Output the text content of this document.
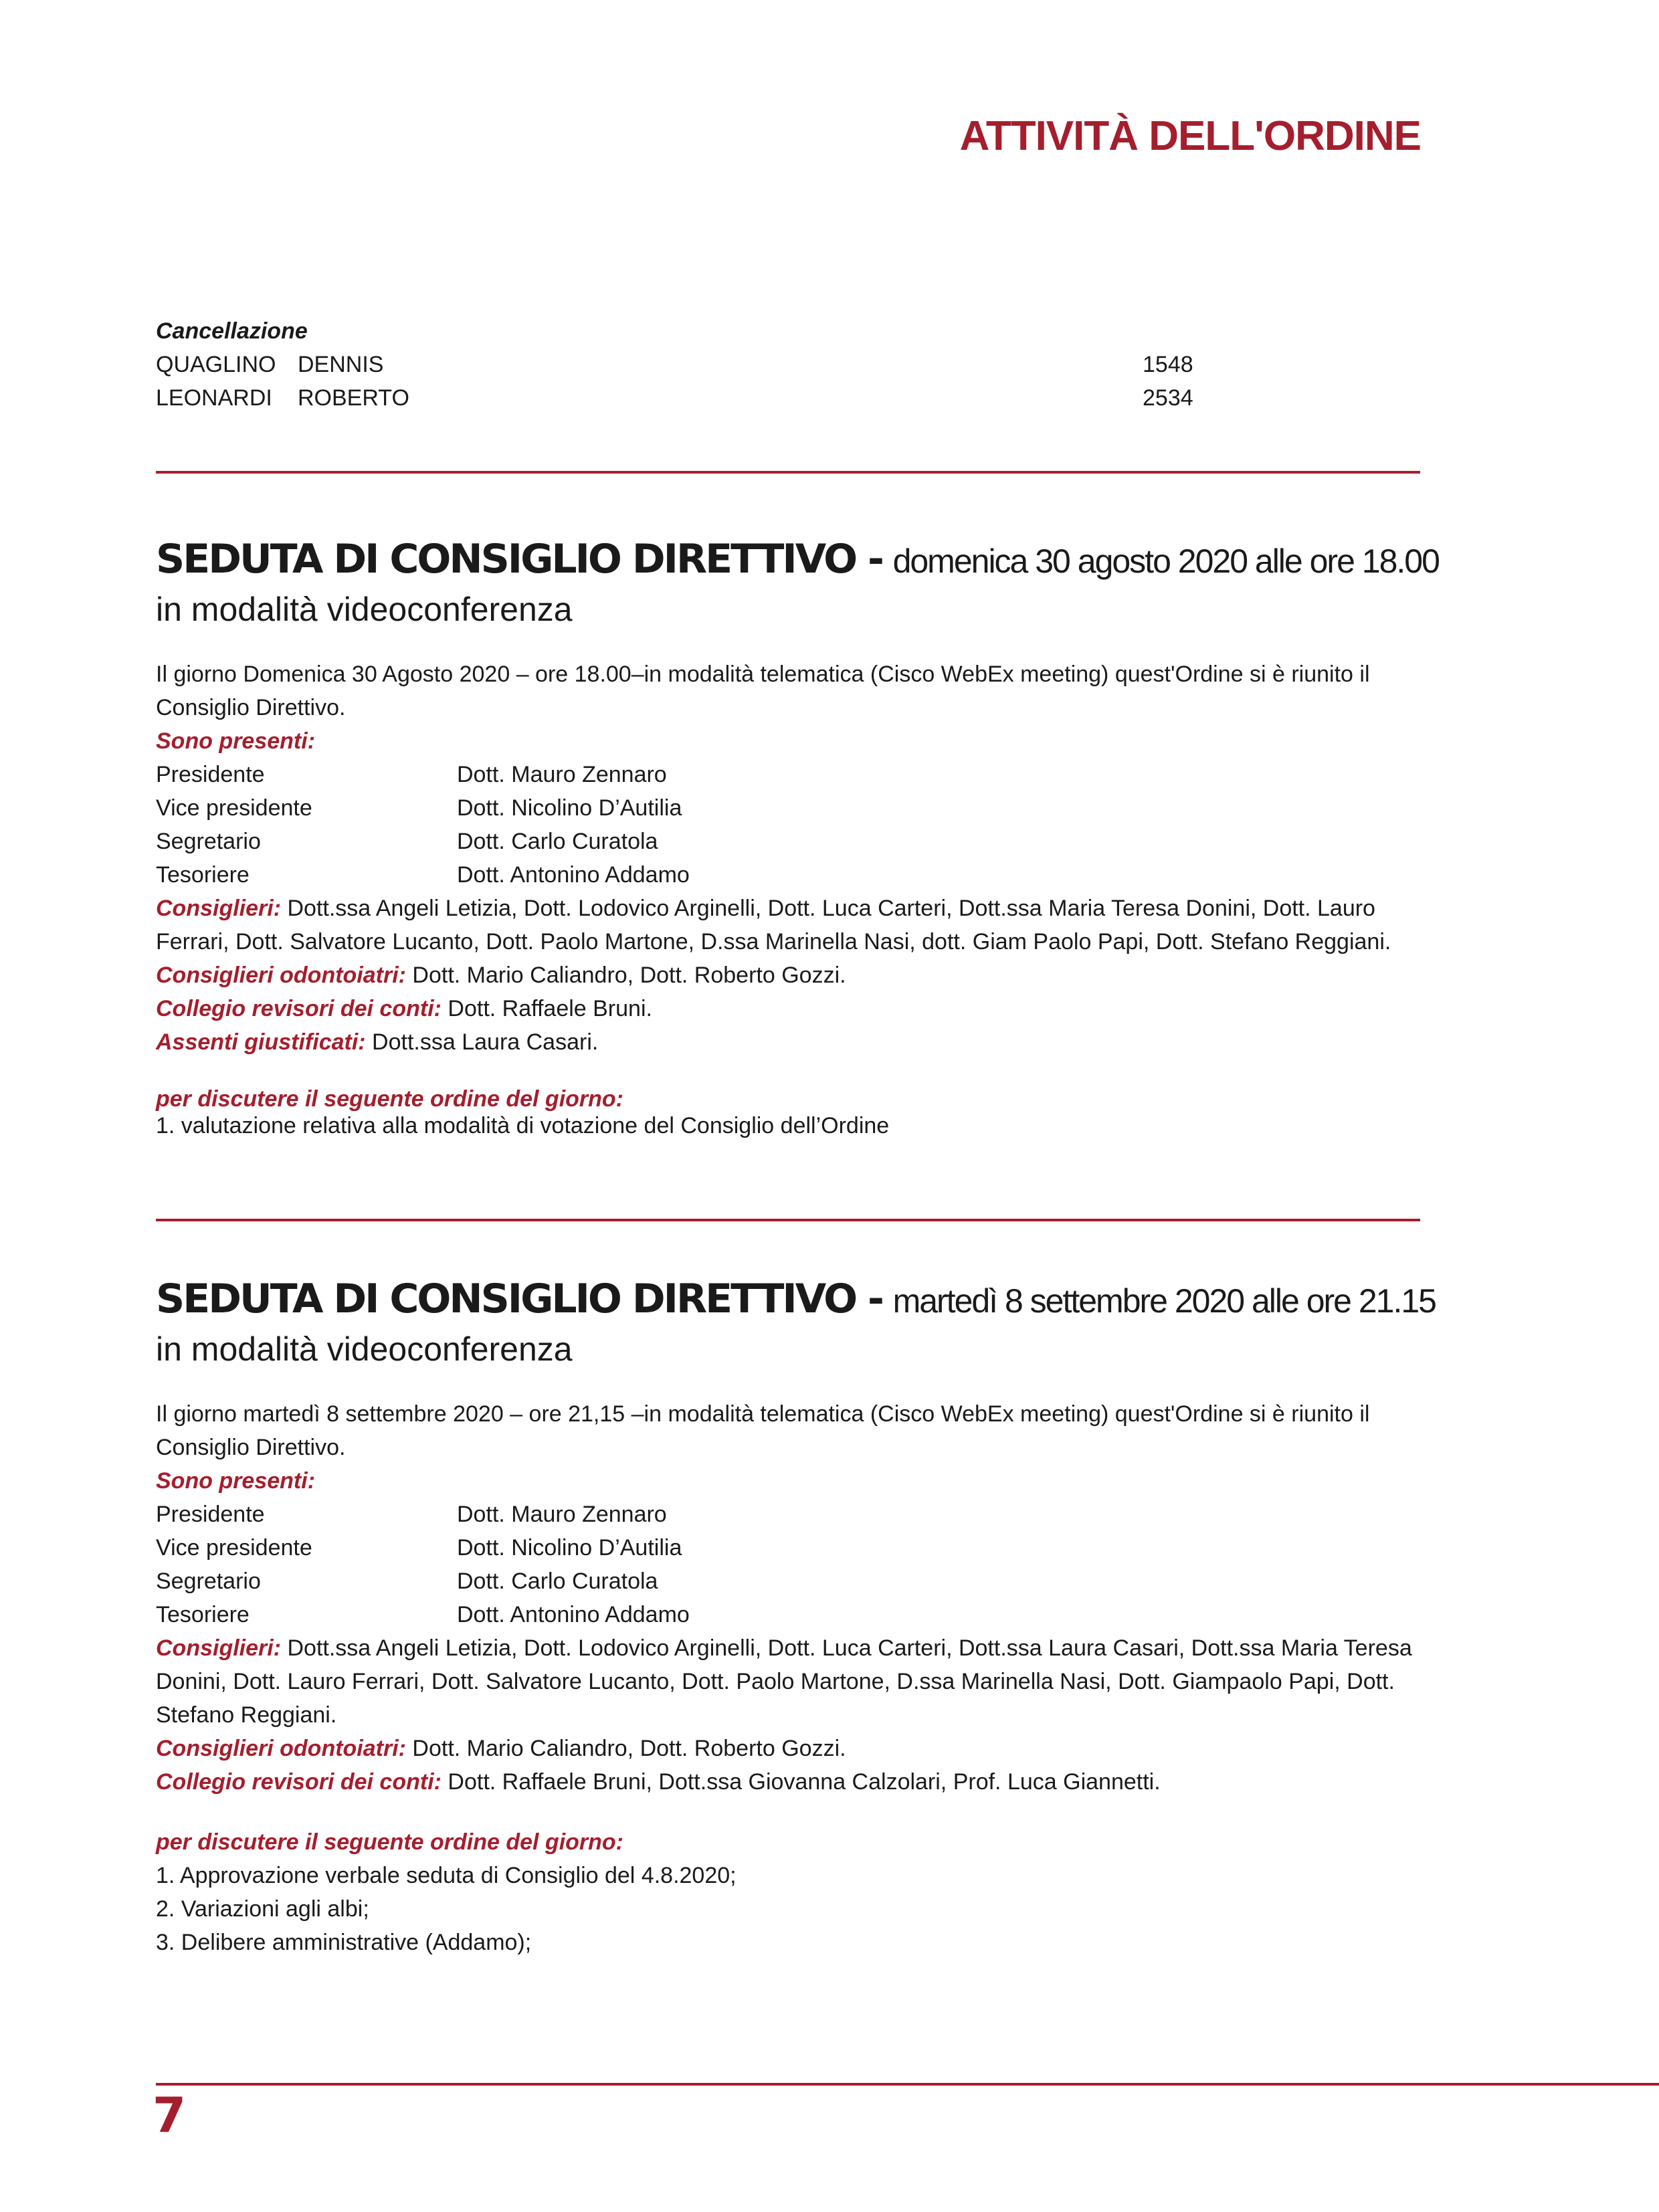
ATTIVITÀ DELL'ORDINE
Cancellazione
QUAGLINO DENNIS	1548
LEONARDI ROBERTO	2534
SEDUTA DI CONSIGLIO DIRETTIVO - domenica 30 agosto 2020 alle ore 18.00
in modalità videoconferenza
Il giorno Domenica 30 Agosto 2020 – ore 18.00–in modalità telematica (Cisco WebEx meeting) quest'Ordine si è riunito il Consiglio Direttivo.
Sono presenti:
Presidente	Dott. Mauro Zennaro
Vice presidente	Dott. Nicolino D’Autilia
Segretario	Dott. Carlo Curatola
Tesoriere	Dott. Antonino Addamo
Consiglieri: Dott.ssa Angeli Letizia, Dott. Lodovico Arginelli, Dott. Luca Carteri, Dott.ssa Maria Teresa Donini, Dott. Lauro Ferrari, Dott. Salvatore Lucanto, Dott. Paolo Martone, D.ssa Marinella Nasi, dott. Giam Paolo Papi, Dott. Stefano Reggiani.
Consiglieri odontoiatri: Dott. Mario Caliandro, Dott. Roberto Gozzi.
Collegio revisori dei conti: Dott. Raffaele Bruni.
Assenti giustificati: Dott.ssa Laura Casari.
per discutere il seguente ordine del giorno:
1. valutazione relativa alla modalità di votazione del Consiglio dell’Ordine
SEDUTA DI CONSIGLIO DIRETTIVO - martedì 8 settembre 2020 alle ore 21.15
in modalità videoconferenza
Il giorno martedì 8 settembre 2020 – ore 21,15 –in modalità telematica (Cisco WebEx meeting) quest'Ordine si è riunito il Consiglio Direttivo.
Sono presenti:
Presidente	Dott. Mauro Zennaro
Vice presidente	Dott. Nicolino D’Autilia
Segretario	Dott. Carlo Curatola
Tesoriere	Dott. Antonino Addamo
Consiglieri: Dott.ssa Angeli Letizia, Dott. Lodovico Arginelli, Dott. Luca Carteri, Dott.ssa Laura Casari, Dott.ssa Maria Teresa Donini, Dott. Lauro Ferrari, Dott. Salvatore Lucanto, Dott. Paolo Martone, D.ssa Marinella Nasi, Dott. Giampaolo Papi, Dott. Stefano Reggiani.
Consiglieri odontoiatri: Dott. Mario Caliandro, Dott. Roberto Gozzi.
Collegio revisori dei conti: Dott. Raffaele Bruni, Dott.ssa Giovanna Calzolari, Prof. Luca Giannetti.
per discutere il seguente ordine del giorno:
1. Approvazione verbale seduta di Consiglio del 4.8.2020;
2. Variazioni agli albi;
3. Delibere amministrative (Addamo);
7
